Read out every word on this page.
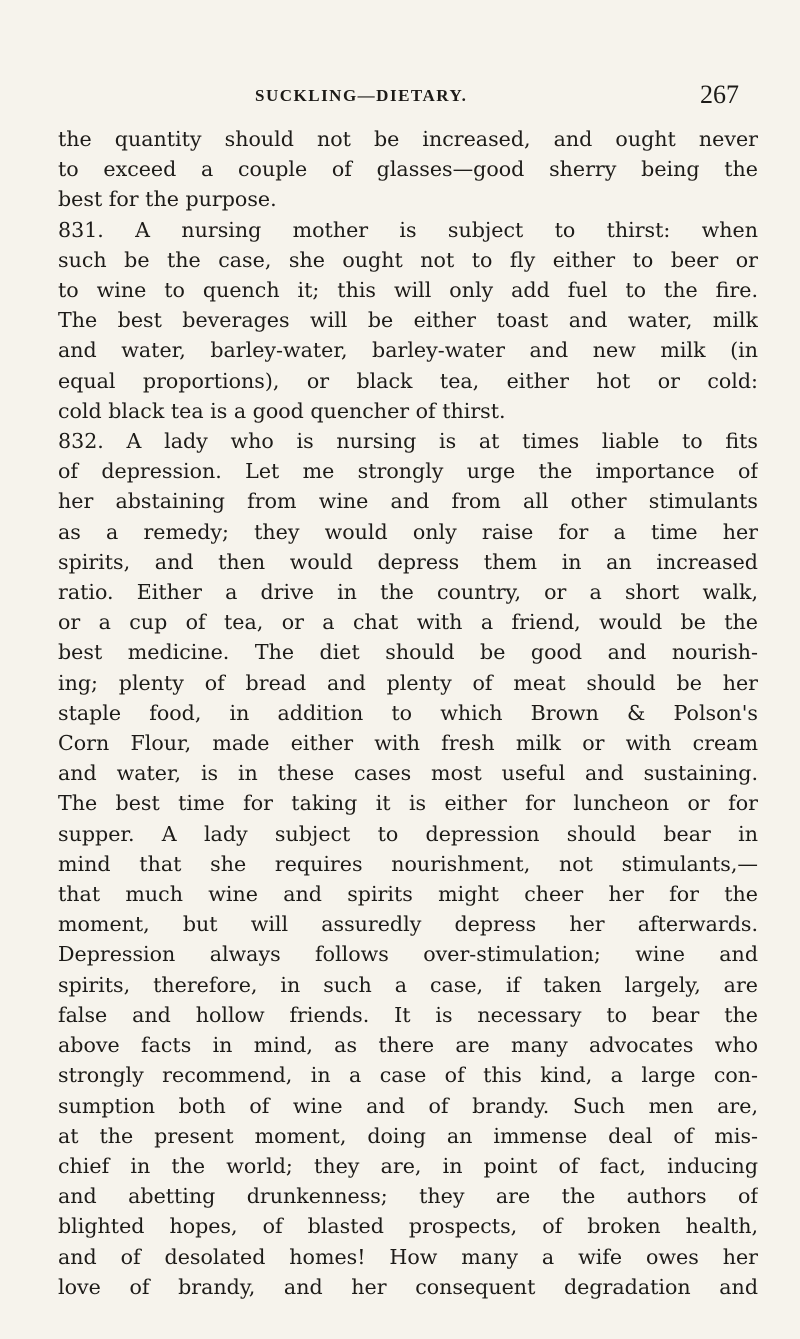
SUCKLING—DIETARY.	267
the quantity should not be increased, and ought never
to exceed a couple of glasses—good sherry being the
best for the purpose.
831. A nursing mother is subject to thirst: when
such be the case, she ought not to fly either to beer or
to wine to quench it; this will only add fuel to the fire.
The best beverages will be either toast and water, milk
and water, barley-water, barley-water and new milk (in
equal proportions), or black tea, either hot or cold:
cold black tea is a good quencher of thirst.
832. A lady who is nursing is at times liable to fits
of depression. Let me strongly urge the importance of
her abstaining from wine and from all other stimulants
as a remedy; they would only raise for a time her
spirits, and then would depress them in an increased
ratio. Either a drive in the country, or a short walk,
or a cup of tea, or a chat with a friend, would be the
best medicine. The diet should be good and nourish-
ing; plenty of bread and plenty of meat should be her
staple food, in addition to which Brown & Polson's
Corn Flour, made either with fresh milk or with cream
and water, is in these cases most useful and sustaining.
The best time for taking it is either for luncheon or for
supper. A lady subject to depression should bear in
mind that she requires nourishment, not stimulants,—
that much wine and spirits might cheer her for the
moment, but will assuredly depress her afterwards.
Depression always follows over-stimulation; wine and
spirits, therefore, in such a case, if taken largely, are
false and hollow friends. It is necessary to bear the
above facts in mind, as there are many advocates who
strongly recommend, in a case of this kind, a large con-
sumption both of wine and of brandy. Such men are,
at the present moment, doing an immense deal of mis-
chief in the world; they are, in point of fact, inducing
and abetting drunkenness; they are the authors of
blighted hopes, of blasted prospects, of broken health,
and of desolated homes! How many a wife owes her
love of brandy, and her consequent degradation and
